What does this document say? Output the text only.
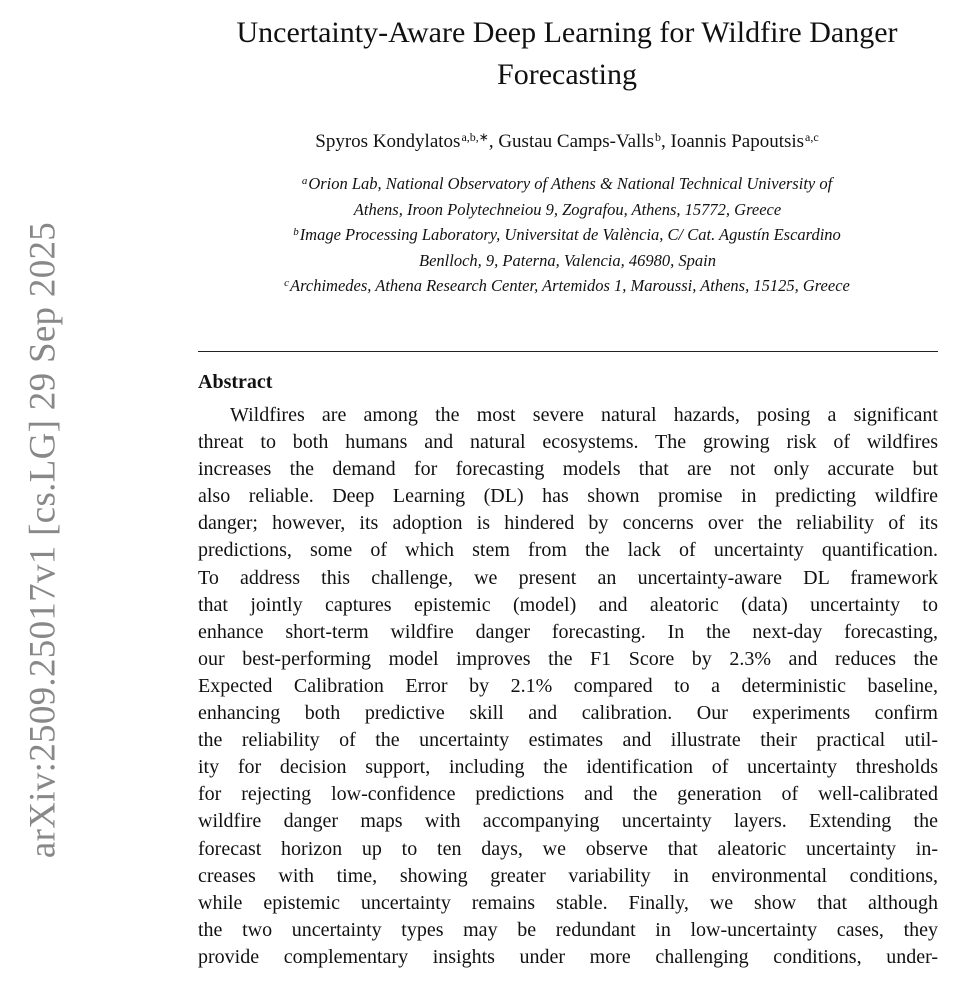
arXiv:2509.25017v1 [cs.LG] 29 Sep 2025
Uncertainty-Aware Deep Learning for Wildfire Danger
Forecasting
Spyros Kondylatos$^{a,b,∗}$, Gustau Camps-Valls$^b$, Ioannis Papoutsis$^{a,c}$
$^a$Orion Lab, National Observatory of Athens & National Technical University of
Athens, Iroon Polytechneiou 9, Zografou, Athens, 15772, Greece
$^b$Image Processing Laboratory, Universitat de València, C/ Cat. Agustín Escardino
Benlloch, 9, Paterna, Valencia, 46980, Spain
$^c$Archimedes, Athena Research Center, Artemidos 1, Maroussi, Athens, 15125, Greece
Abstract
Wildfires are among the most severe natural hazards, posing a significant
threat to both humans and natural ecosystems. The growing risk of wildfires
increases the demand for forecasting models that are not only accurate but
also reliable. Deep Learning (DL) has shown promise in predicting wildfire
danger; however, its adoption is hindered by concerns over the reliability of its
predictions, some of which stem from the lack of uncertainty quantification.
To address this challenge, we present an uncertainty-aware DL framework
that jointly captures epistemic (model) and aleatoric (data) uncertainty to
enhance short-term wildfire danger forecasting. In the next-day forecasting,
our best-performing model improves the F1 Score by 2.3% and reduces the
Expected Calibration Error by 2.1% compared to a deterministic baseline,
enhancing both predictive skill and calibration. Our experiments confirm
the reliability of the uncertainty estimates and illustrate their practical util-
ity for decision support, including the identification of uncertainty thresholds
for rejecting low-confidence predictions and the generation of well-calibrated
wildfire danger maps with accompanying uncertainty layers. Extending the
forecast horizon up to ten days, we observe that aleatoric uncertainty in-
creases with time, showing greater variability in environmental conditions,
while epistemic uncertainty remains stable. Finally, we show that although
the two uncertainty types may be redundant in low-uncertainty cases, they
provide complementary insights under more challenging conditions, under-
